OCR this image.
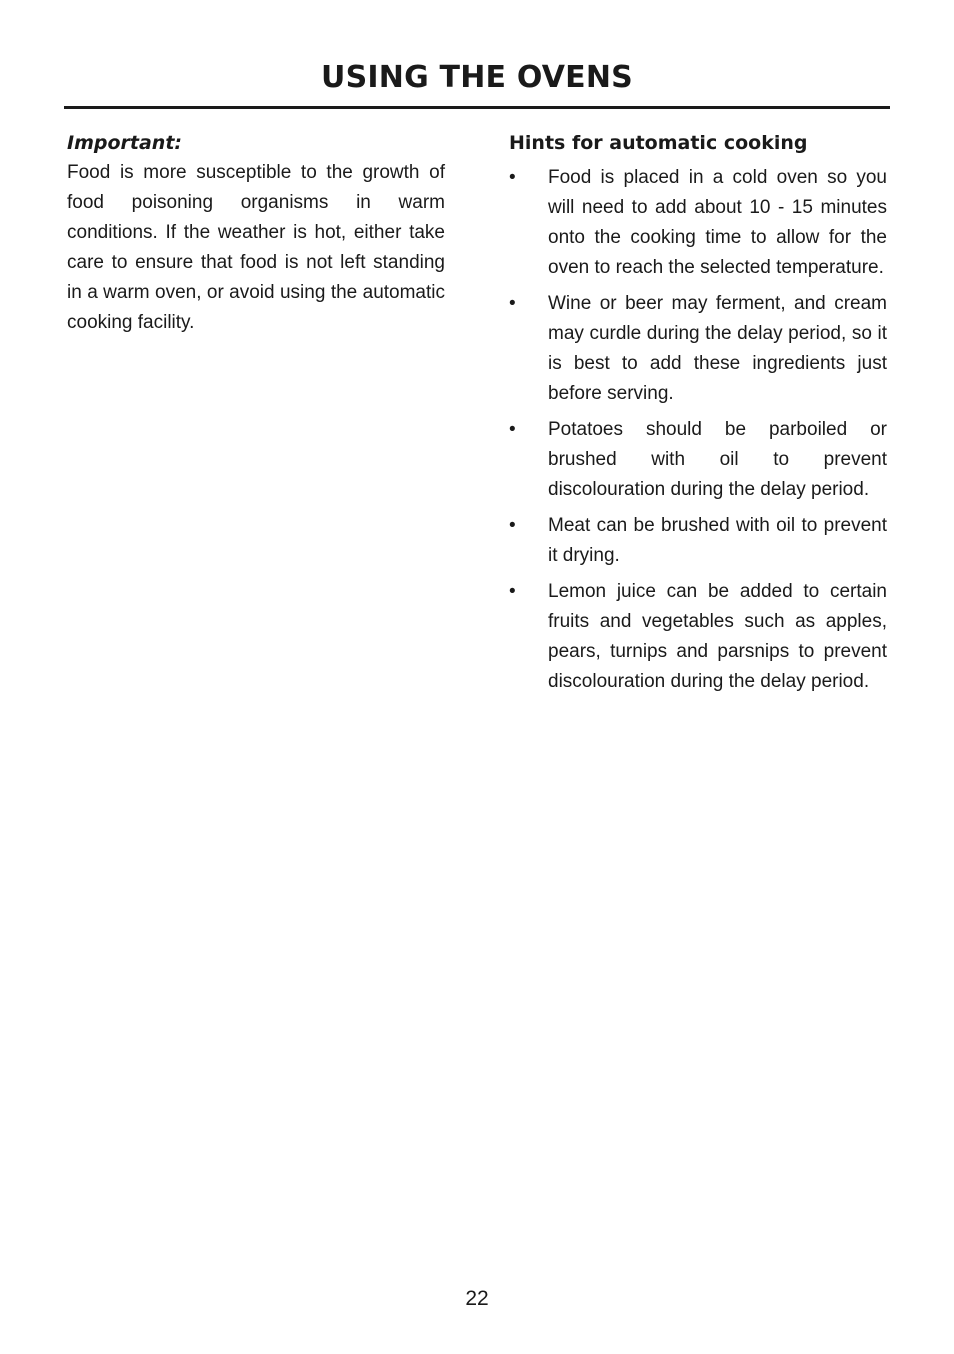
USING THE OVENS
Important:

Food is more susceptible to the growth of food poisoning organisms in warm conditions. If the weather is hot, either take care to ensure that food is not left standing in a warm oven, or avoid using the automatic cooking facility.

Hints for automatic cooking
• Food is placed in a cold oven so you will need to add about 10 - 15 minutes onto the cooking time to allow for the oven to reach the selected temperature.
• Wine or beer may ferment, and cream may curdle during the delay period, so it is best to add these ingredients just before serving.
• Potatoes should be parboiled or brushed with oil to prevent discolouration during the delay period.
• Meat can be brushed with oil to prevent it drying.
• Lemon juice can be added to certain fruits and vegetables such as apples, pears, turnips and parsnips to prevent discolouration during the delay period.
22
